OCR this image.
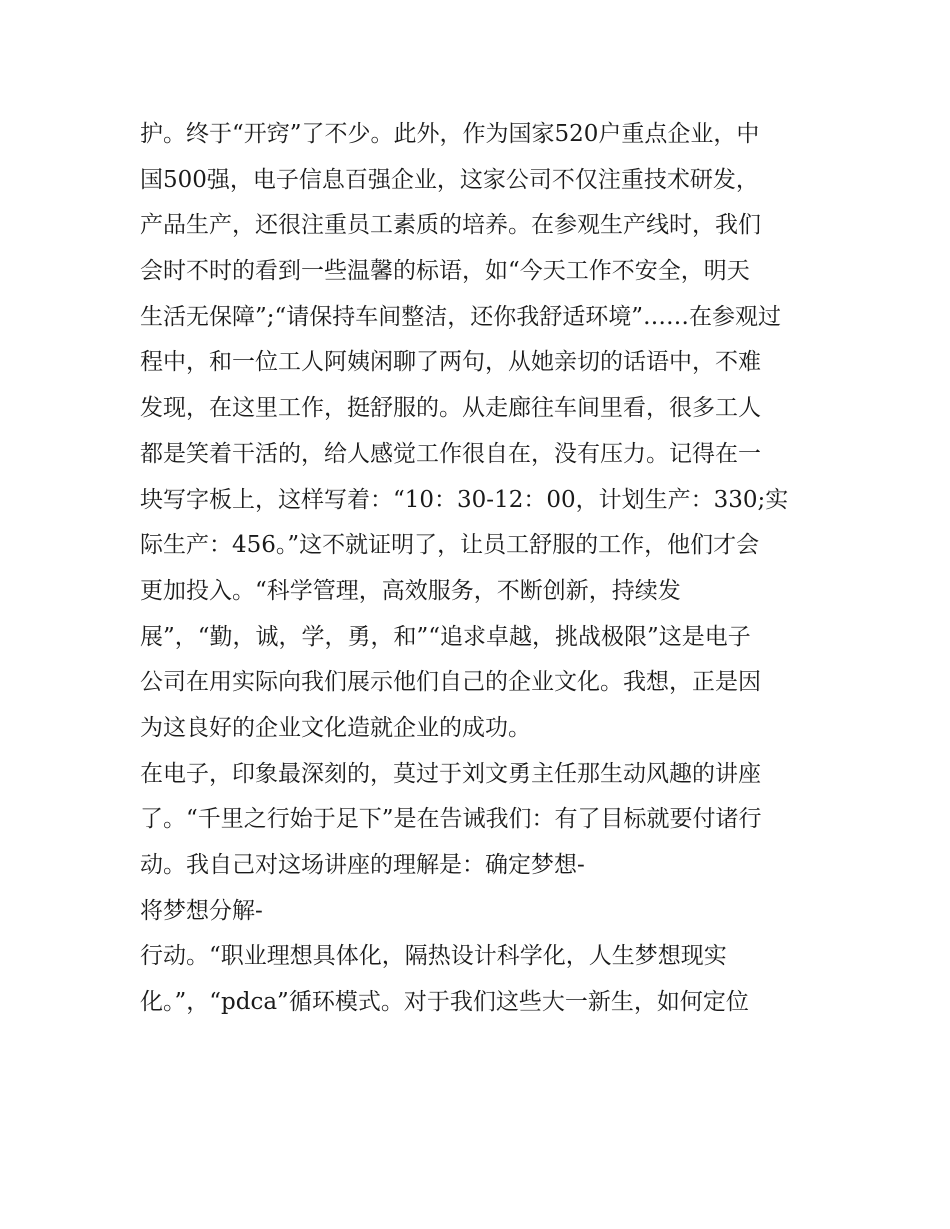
护。终于“开窍”了不少。此外，作为国家520户重点企业，中
国500强，电子信息百强企业，这家公司不仅注重技术研发，
产品生产，还很注重员工素质的培养。在参观生产线时，我们
会时不时的看到一些温馨的标语，如“今天工作不安全，明天
生活无保障”;“请保持车间整洁，还你我舒适环境”……在参观过
程中，和一位工人阿姨闲聊了两句，从她亲切的话语中，不难
发现，在这里工作，挺舒服的。从走廊往车间里看，很多工人
都是笑着干活的，给人感觉工作很自在，没有压力。记得在一
块写字板上，这样写着：“10：30-12：00，计划生产：330;实
际生产：456。”这不就证明了，让员工舒服的工作，他们才会
更加投入。“科学管理，高效服务，不断创新，持续发
展”，“勤，诚，学，勇，和”“追求卓越，挑战极限”这是电子
公司在用实际向我们展示他们自己的企业文化。我想，正是因
为这良好的企业文化造就企业的成功。
在电子，印象最深刻的，莫过于刘文勇主任那生动风趣的讲座
了。“千里之行始于足下”是在告诫我们：有了目标就要付诸行
动。我自己对这场讲座的理解是：确定梦想-
将梦想分解-
行动。“职业理想具体化，隔热设计科学化，人生梦想现实
化。”，“pdca”循环模式。对于我们这些大一新生，如何定位
